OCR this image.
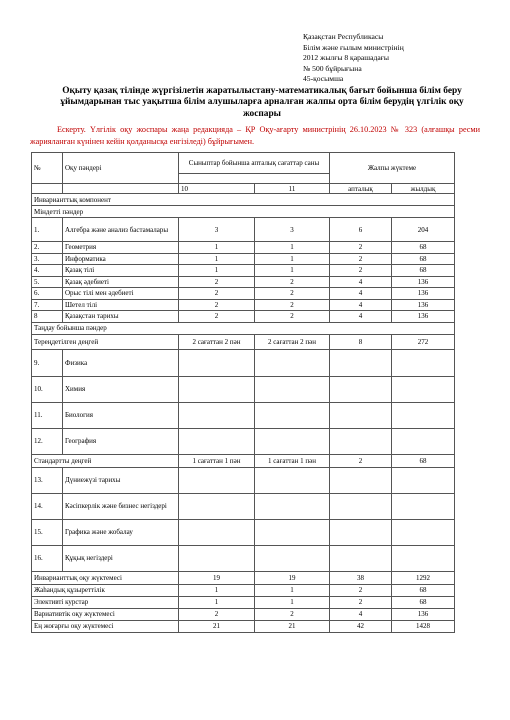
Қазақстан Республикасы
Білім және ғылым министрінің
2012 жылғы 8 қарашадағы
№ 500 бұйрығына
45-қосымша
Оқыту қазақ тілінде жүргізілетін жаратылыстану-математикалық бағыт бойынша білім беру ұйымдарынан тыс уақытша білім алушыларға арналған жалпы орта білім берудің үлгілік оқу жоспары
Ескерту. Үлгілік оқу жоспары жаңа редакцияда – ҚР Оқу-ағарту министрінің 26.10.2023 № 323 (алғашқы ресми жарияланған күнінен кейін қолданысқа енгізіледі) бұйрығымен.
№	Оқу пәндері	Сыныптар бойынша апталық сағаттар саны		Жалпы жүктеме	

		10	11	апталық	жылдық
Инварианттық компонент					
Міндетті пәндер					
1.	Алгебра және анализ бастамалары	3	3	6	204
2.	Геометрия	1	1	2	68
3.	Информатика	1	1	2	68
4.	Қазақ тілі	1	1	2	68
5.	Қазақ әдебиеті	2	2	4	136
6.	Орыс тілі мен әдебиеті	2	2	4	136
7.	Шетел тілі	2	2	4	136
8	Қазақстан тарихы	2	2	4	136
Таңдау бойынша пәндер					
Тереңдетілген деңгей		2 сағаттан 2 пән	2 сағаттан 2 пән	8	272
9.	Физика				
10.	Химия				
11.	Биология				
12.	География				
Стандартты деңгей		1 сағаттан 1 пән	1 сағаттан 1 пән	2	68
13.	Дүниежүзі тарихы				
14.	Кәсіпкерлік және бизнес негіздері				
15.	Графика және жобалау				
16.	Құқық негіздері				
Инварианттық оқу жүктемесі		19	19	38	1292
Жаһандық құзыреттілік		1	1	2	68
Элективті курстар		1	1	2	68
Вариативтік оқу жүктемесі		2	2	4	136
Ең жоғарғы оқу жүктемесі		21	21	42	1428
